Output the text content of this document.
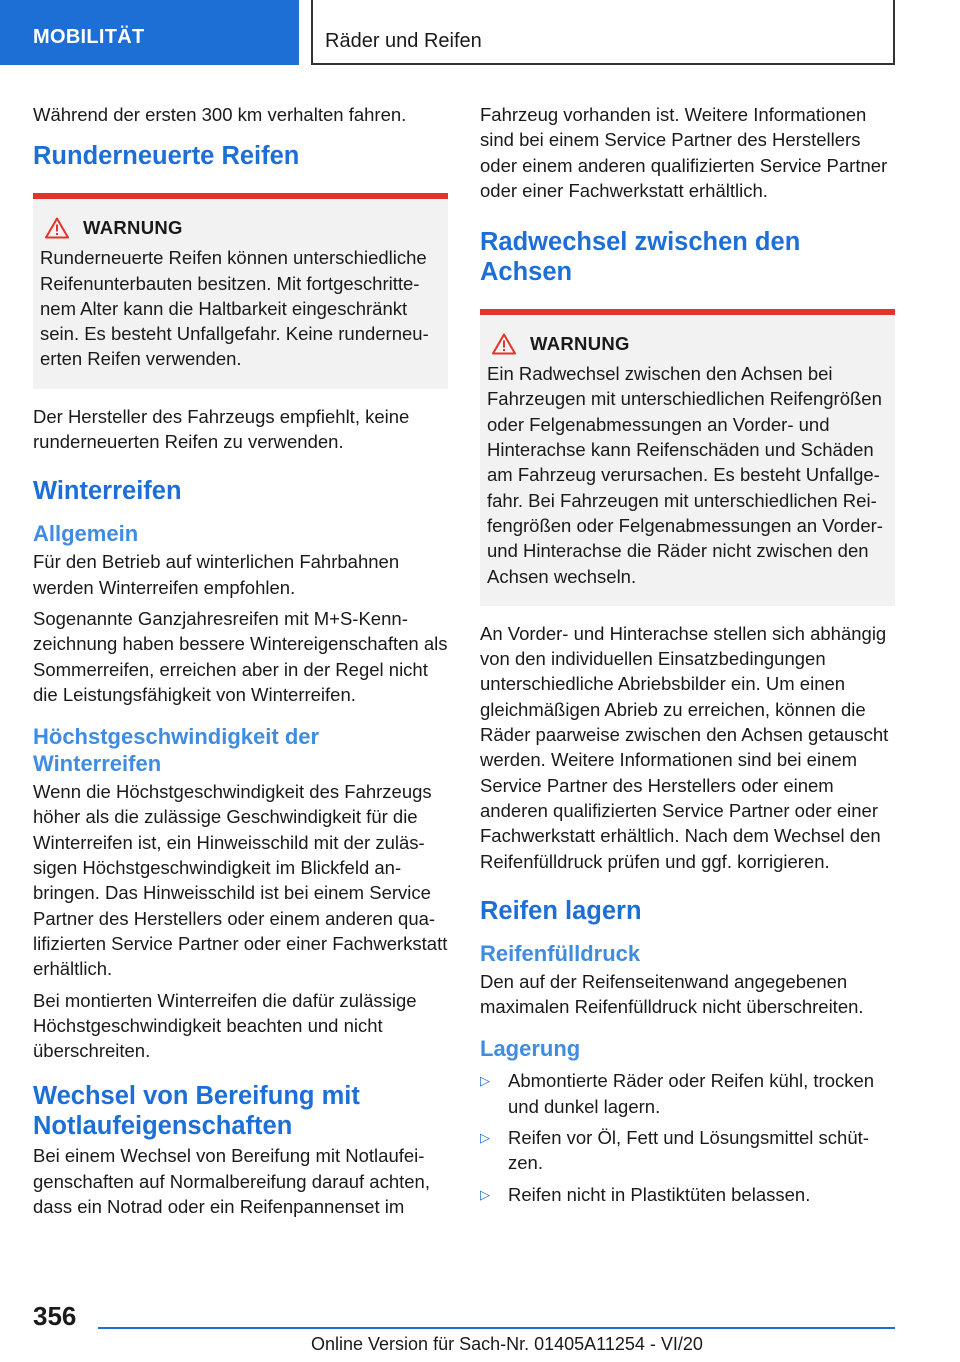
MOBILITÄT	Räder und Reifen

Während der ersten 300 km verhalten fahren.

Runderneuerte Reifen
WARNUNG

Runderneuerte Reifen können unterschiedliche Reifenunterbauten besitzen. Mit fortgeschrittenem Alter kann die Haltbarkeit eingeschränkt sein. Es besteht Unfallgefahr. Keine runderneuerten Reifen verwenden.

Der Hersteller des Fahrzeugs empfiehlt, keine runderneuerten Reifen zu verwenden.

Winterreifen
Allgemein

Für den Betrieb auf winterlichen Fahrbahnen werden Winterreifen empfohlen.

Sogenannte Ganzjahresreifen mit M+S-Kennzeichnung haben bessere Wintereigenschaften als Sommerreifen, erreichen aber in der Regel nicht die Leistungsfähigkeit von Winterreifen.

Höchstgeschwindigkeit der Winterreifen

Wenn die Höchstgeschwindigkeit des Fahrzeugs höher als die zulässige Geschwindigkeit für die Winterreifen ist, ein Hinweisschild mit der zulässigen Höchstgeschwindigkeit im Blickfeld anbringen. Das Hinweisschild ist bei einem Service Partner des Herstellers oder einem anderen qualifizierten Service Partner oder einer Fachwerkstatt erhältlich.

Bei montierten Winterreifen die dafür zulässige Höchstgeschwindigkeit beachten und nicht überschreiten.

Wechsel von Bereifung mit Notlaufeigenschaften

Bei einem Wechsel von Bereifung mit Notlaufeigenschaften auf Normalbereifung darauf achten, dass ein Notrad oder ein Reifenpannenset im

Fahrzeug vorhanden ist. Weitere Informationen sind bei einem Service Partner des Herstellers oder einem anderen qualifizierten Service Partner oder einer Fachwerkstatt erhältlich.

Radwechsel zwischen den Achsen
WARNUNG

Ein Radwechsel zwischen den Achsen bei Fahrzeugen mit unterschiedlichen Reifengrößen oder Felgenabmessungen an Vorder- und Hinterachse kann Reifenschäden und Schäden am Fahrzeug verursachen. Es besteht Unfallgefahr. Bei Fahrzeugen mit unterschiedlichen Reifengrößen oder Felgenabmessungen an Vorder- und Hinterachse die Räder nicht zwischen den Achsen wechseln.

An Vorder- und Hinterachse stellen sich abhängig von den individuellen Einsatzbedingungen unterschiedliche Abriebsbilder ein. Um einen gleichmäßigen Abrieb zu erreichen, können die Räder paarweise zwischen den Achsen getauscht werden. Weitere Informationen sind bei einem Service Partner des Herstellers oder einem anderen qualifizierten Service Partner oder einer Fachwerkstatt erhältlich. Nach dem Wechsel den Reifenfülldruck prüfen und ggf. korrigieren.

Reifen lagern
Reifenfülldruck

Den auf der Reifenseitenwand angegebenen maximalen Reifenfülldruck nicht überschreiten.

Lagerung
▷ Abmontierte Räder oder Reifen kühl, trocken und dunkel lagern.
▷ Reifen vor Öl, Fett und Lösungsmittel schützen.
▷ Reifen nicht in Plastiktüten belassen.
356
Online Version für Sach-Nr. 01405A11254 - VI/20
